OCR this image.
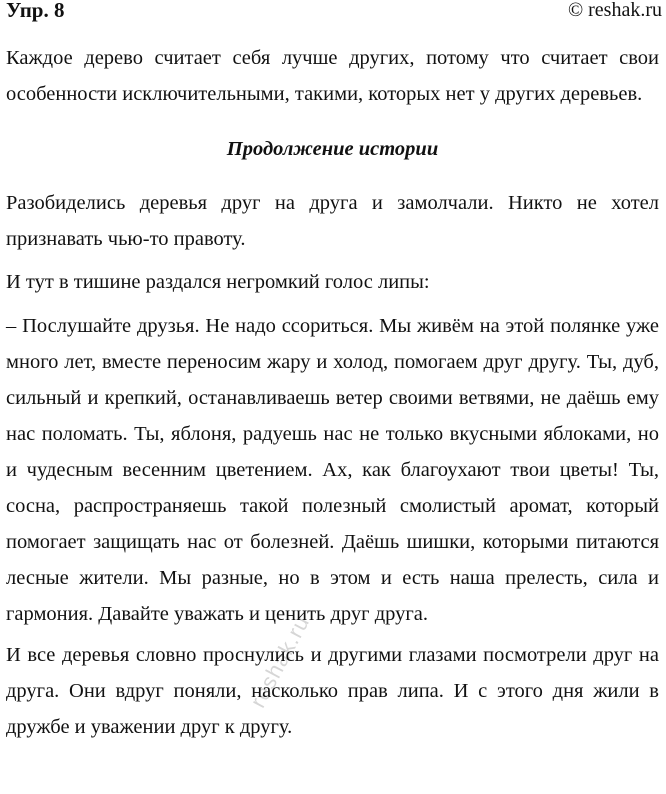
Упр. 8	© reshak.ru

Каждое дерево считает себя лучше других, потому что считает свои особенности исключительными, такими, которых нет у других деревьев.

Продолжение истории

Разобиделись деревья друг на друга и замолчали. Никто не хотел признавать чью-то правоту.

И тут в тишине раздался негромкий голос липы:

– Послушайте друзья. Не надо ссориться. Мы живём на этой полянке уже много лет, вместе переносим жару и холод, помогаем друг другу. Ты, дуб, сильный и крепкий, останавливаешь ветер своими ветвями, не даёшь ему нас поломать. Ты, яблоня, радуешь нас не только вкусными яблоками, но и чудесным весенним цветением. Ах, как благоухают твои цветы! Ты, сосна, распространяешь такой полезный смолистый аромат, который помогает защищать нас от болезней. Даёшь шишки, которыми питаются лесные жители. Мы разные, но в этом и есть наша прелесть, сила и гармония. Давайте уважать и ценить друг друга.

И все деревья словно проснулись и другими глазами посмотрели друг на друга. Они вдруг поняли, насколько прав липа. И с этого дня жили в дружбе и уважении друг к другу.

reshak.ru
